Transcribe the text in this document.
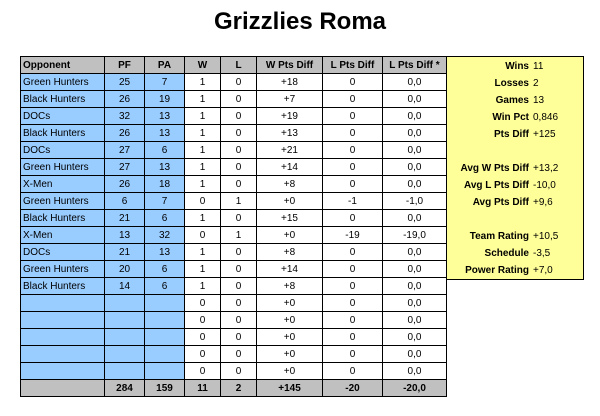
Grizzlies Roma
Opponent	PF	PA	W	L	W Pts Diff	L Pts Diff	L Pts Diff *
Green Hunters	25	7	1	0	+18	0	0,0
Black Hunters	26	19	1	0	+7	0	0,0
DOCs	32	13	1	0	+19	0	0,0
Black Hunters	26	13	1	0	+13	0	0,0
DOCs	27	6	1	0	+21	0	0,0
Green Hunters	27	13	1	0	+14	0	0,0
X-Men	26	18	1	0	+8	0	0,0
Green Hunters	6	7	0	1	+0	-1	-1,0
Black Hunters	21	6	1	0	+15	0	0,0
X-Men	13	32	0	1	+0	-19	-19,0
DOCs	21	13	1	0	+8	0	0,0
Green Hunters	20	6	1	0	+14	0	0,0
Black Hunters	14	6	1	0	+8	0	0,0
			0	0	+0	0	0,0
			0	0	+0	0	0,0
			0	0	+0	0	0,0
			0	0	+0	0	0,0
			0	0	+0	0	0,0
	284	159	11	2	+145	-20	-20,0
Wins 11
Losses 2
Games 13
Win Pct 0,846
Pts Diff +125
Avg W Pts Diff +13,2
Avg L Pts Diff -10,0
Avg Pts Diff +9,6
Team Rating +10,5
Schedule -3,5
Power Rating +7,0
